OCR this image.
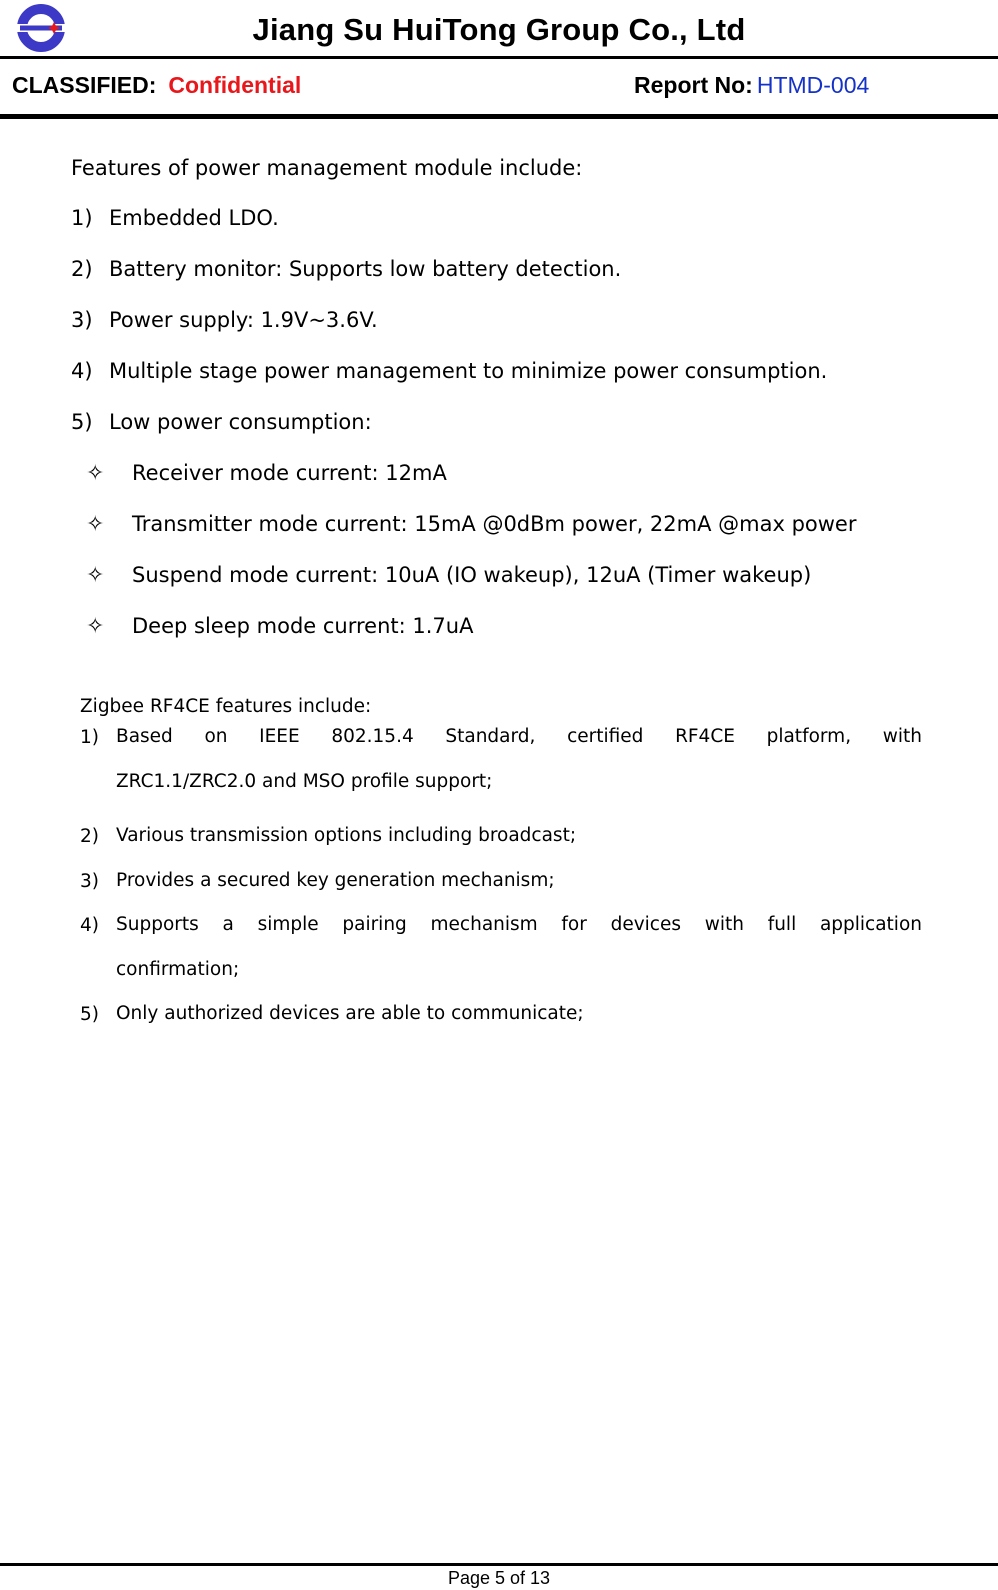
Jiang Su HuiTong Group Co., Ltd
CLASSIFIED: Confidential	Report No: HTMD-004
Features of power management module include:
1) Embedded LDO.
2) Battery monitor: Supports low battery detection.
3) Power supply: 1.9V~3.6V.
4) Multiple stage power management to minimize power consumption.
5) Low power consumption:
✧ Receiver mode current: 12mA
✧ Transmitter mode current: 15mA @0dBm power, 22mA @max power
✧ Suspend mode current: 10uA (IO wakeup), 12uA (Timer wakeup)
✧ Deep sleep mode current: 1.7uA
Zigbee RF4CE features include:
1) Based on IEEE 802.15.4 Standard, certified RF4CE platform, with
ZRC1.1/ZRC2.0 and MSO profile support;
2) Various transmission options including broadcast;
3) Provides a secured key generation mechanism;
4) Supports a simple pairing mechanism for devices with full application
confirmation;
5) Only authorized devices are able to communicate;
Page 5 of 13
